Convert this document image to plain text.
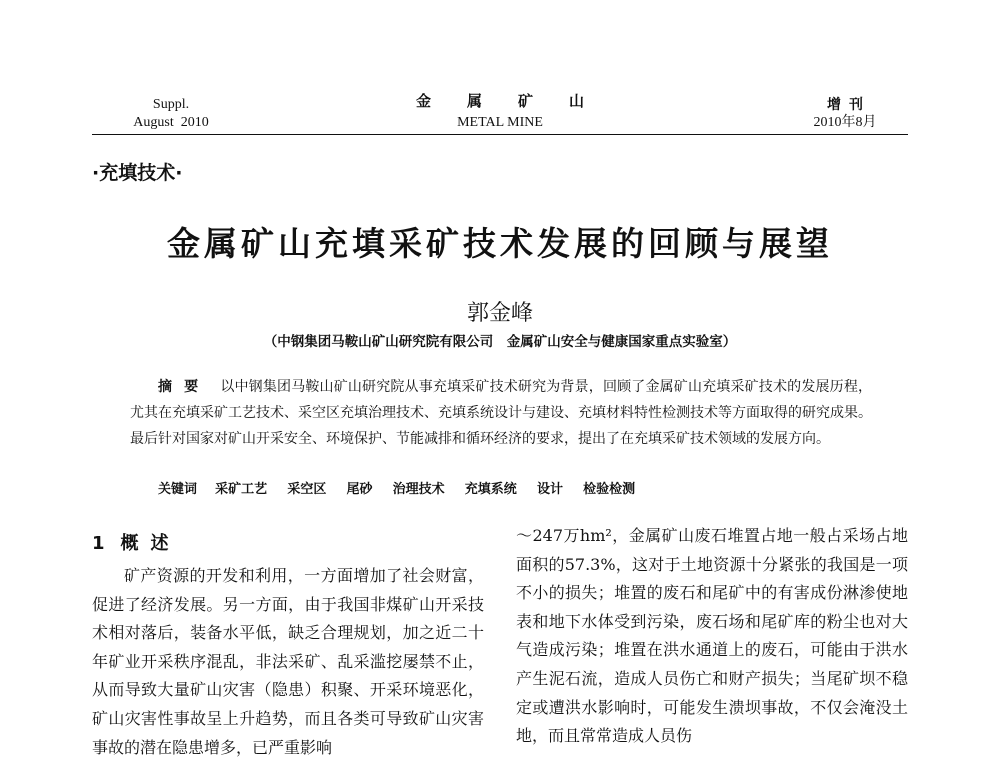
Suppl.
August  2010
金属矿山
METAL MINE
增刊
2010年8月
·充填技术·
金属矿山充填采矿技术发展的回顾与展望
郭金峰
（中钢集团马鞍山矿山研究院有限公司　金属矿山安全与健康国家重点实验室）
摘要 以中钢集团马鞍山矿山研究院从事充填采矿技术研究为背景，回顾了金属矿山充填采矿技术的发展历程，尤其在充填采矿工艺技术、采空区充填治理技术、充填系统设计与建设、充填材料特性检测技术等方面取得的研究成果。最后针对国家对矿山开采安全、环境保护、节能减排和循环经济的要求，提出了在充填采矿技术领域的发展方向。
关键词 采矿工艺 采空区 尾砂 治理技术 充填系统 设计 检验检测
1 概述

矿产资源的开发和利用，一方面增加了社会财富，促进了经济发展。另一方面，由于我国非煤矿山开采技术相对落后，装备水平低，缺乏合理规划，加之近二十年矿业开采秩序混乱，非法采矿、乱采滥挖屡禁不止，从而导致大量矿山灾害（隐患）积聚、开采环境恶化，矿山灾害性事故呈上升趋势，而且各类可导致矿山灾害事故的潜在隐患增多，已严重影响

～247万hm²，金属矿山废石堆置占地一般占采场占地面积的57.3%，这对于土地资源十分紧张的我国是一项不小的损失；堆置的废石和尾矿中的有害成份淋渗使地表和地下水体受到污染，废石场和尾矿库的粉尘也对大气造成污染；堆置在洪水通道上的废石，可能由于洪水产生泥石流，造成人员伤亡和财产损失；当尾矿坝不稳定或遭洪水影响时，可能发生溃坝事故，不仅会淹没土地，而且常常造成人员伤
